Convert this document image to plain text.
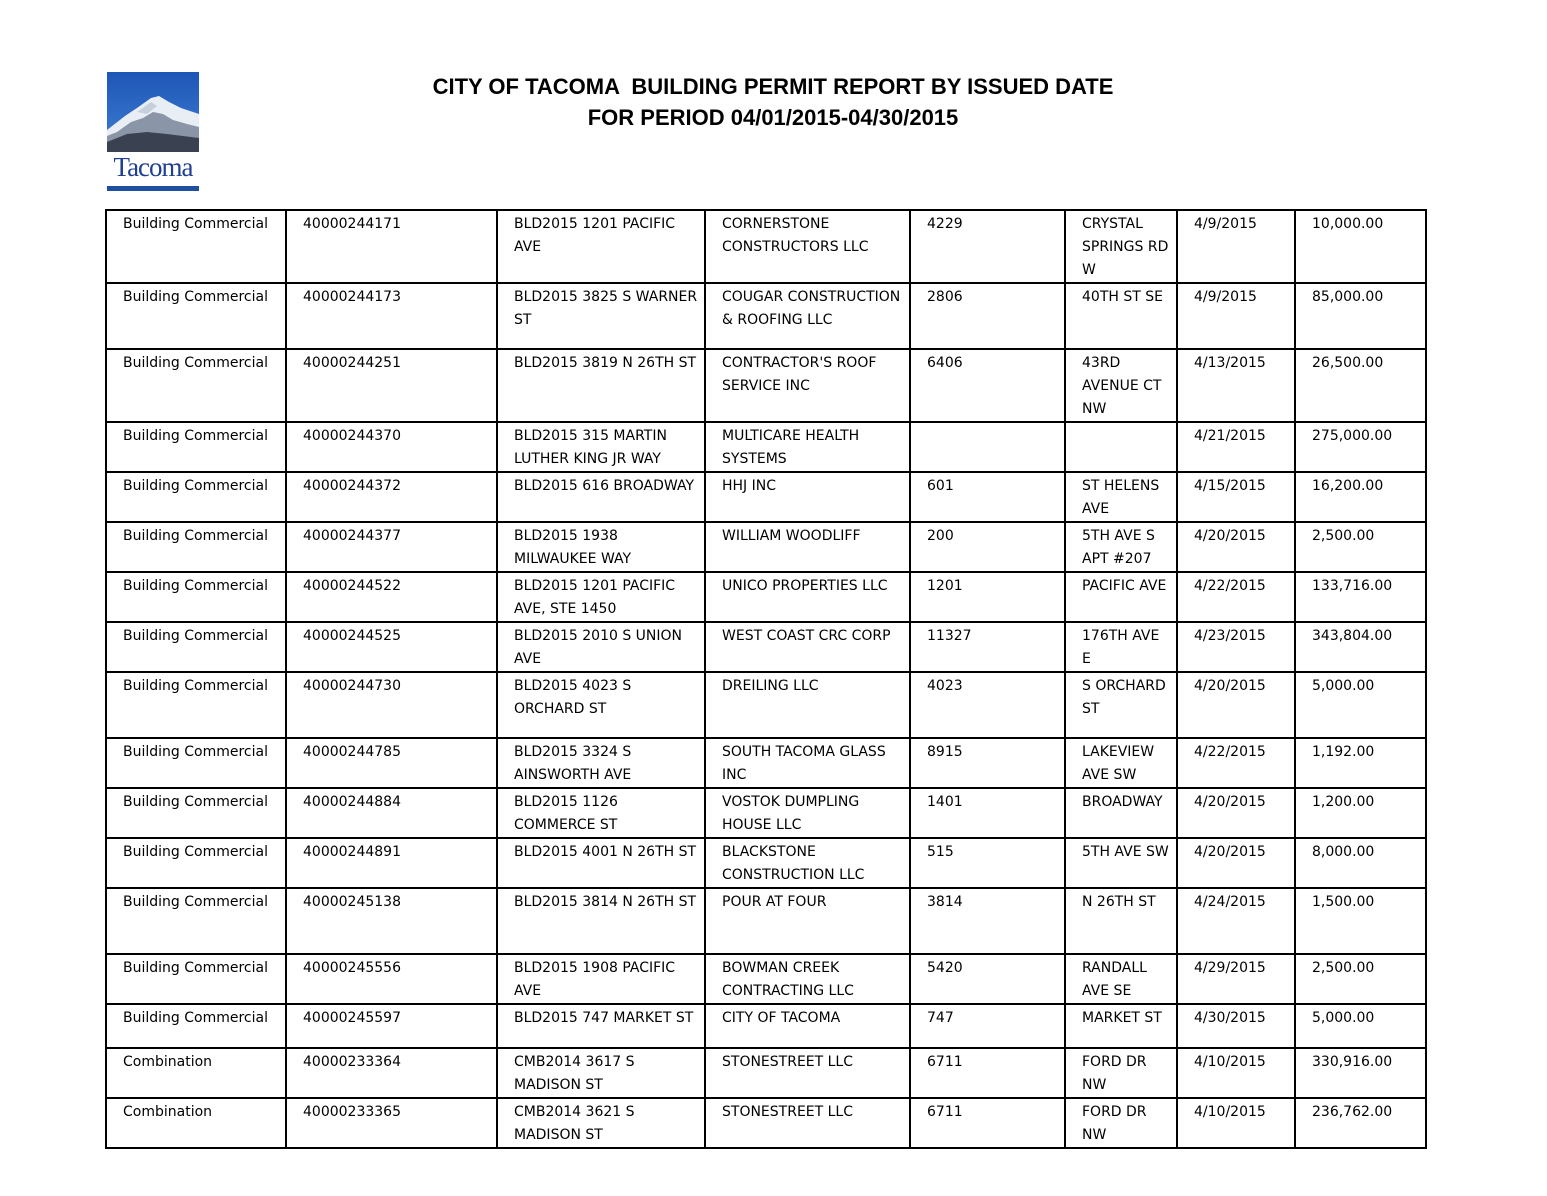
Tacoma
CITY OF TACOMA  BUILDING PERMIT REPORT BY ISSUED DATE
FOR PERIOD 04/01/2015-04/30/2015
Building Commercial	40000244171	BLD2015 1201 PACIFIC AVE	CORNERSTONE CONSTRUCTORS LLC	4229	CRYSTAL SPRINGS RD W	4/9/2015	10,000.00
Building Commercial	40000244173	BLD2015 3825 S WARNER ST	COUGAR CONSTRUCTION & ROOFING LLC	2806	40TH ST SE	4/9/2015	85,000.00
Building Commercial	40000244251	BLD2015 3819 N 26TH ST	CONTRACTOR'S ROOF SERVICE INC	6406	43RD AVENUE CT NW	4/13/2015	26,500.00
Building Commercial	40000244370	BLD2015 315 MARTIN LUTHER KING JR WAY	MULTICARE HEALTH SYSTEMS			4/21/2015	275,000.00
Building Commercial	40000244372	BLD2015 616 BROADWAY	HHJ INC	601	ST HELENS AVE	4/15/2015	16,200.00
Building Commercial	40000244377	BLD2015 1938 MILWAUKEE WAY	WILLIAM WOODLIFF	200	5TH AVE S APT #207	4/20/2015	2,500.00
Building Commercial	40000244522	BLD2015 1201 PACIFIC AVE, STE 1450	UNICO PROPERTIES LLC	1201	PACIFIC AVE	4/22/2015	133,716.00
Building Commercial	40000244525	BLD2015 2010 S UNION AVE	WEST COAST CRC CORP	11327	176TH AVE E	4/23/2015	343,804.00
Building Commercial	40000244730	BLD2015 4023 S ORCHARD ST	DREILING LLC	4023	S ORCHARD ST	4/20/2015	5,000.00
Building Commercial	40000244785	BLD2015 3324 S AINSWORTH AVE	SOUTH TACOMA GLASS INC	8915	LAKEVIEW AVE SW	4/22/2015	1,192.00
Building Commercial	40000244884	BLD2015 1126 COMMERCE ST	VOSTOK DUMPLING HOUSE LLC	1401	BROADWAY	4/20/2015	1,200.00
Building Commercial	40000244891	BLD2015 4001 N 26TH ST	BLACKSTONE CONSTRUCTION LLC	515	5TH AVE SW	4/20/2015	8,000.00
Building Commercial	40000245138	BLD2015 3814 N 26TH ST	POUR AT FOUR	3814	N 26TH ST	4/24/2015	1,500.00
Building Commercial	40000245556	BLD2015 1908 PACIFIC AVE	BOWMAN CREEK CONTRACTING LLC	5420	RANDALL AVE SE	4/29/2015	2,500.00
Building Commercial	40000245597	BLD2015 747 MARKET ST	CITY OF TACOMA	747	MARKET ST	4/30/2015	5,000.00
Combination	40000233364	CMB2014 3617 S MADISON ST	STONESTREET LLC	6711	FORD DR NW	4/10/2015	330,916.00
Combination	40000233365	CMB2014 3621 S MADISON ST	STONESTREET LLC	6711	FORD DR NW	4/10/2015	236,762.00
